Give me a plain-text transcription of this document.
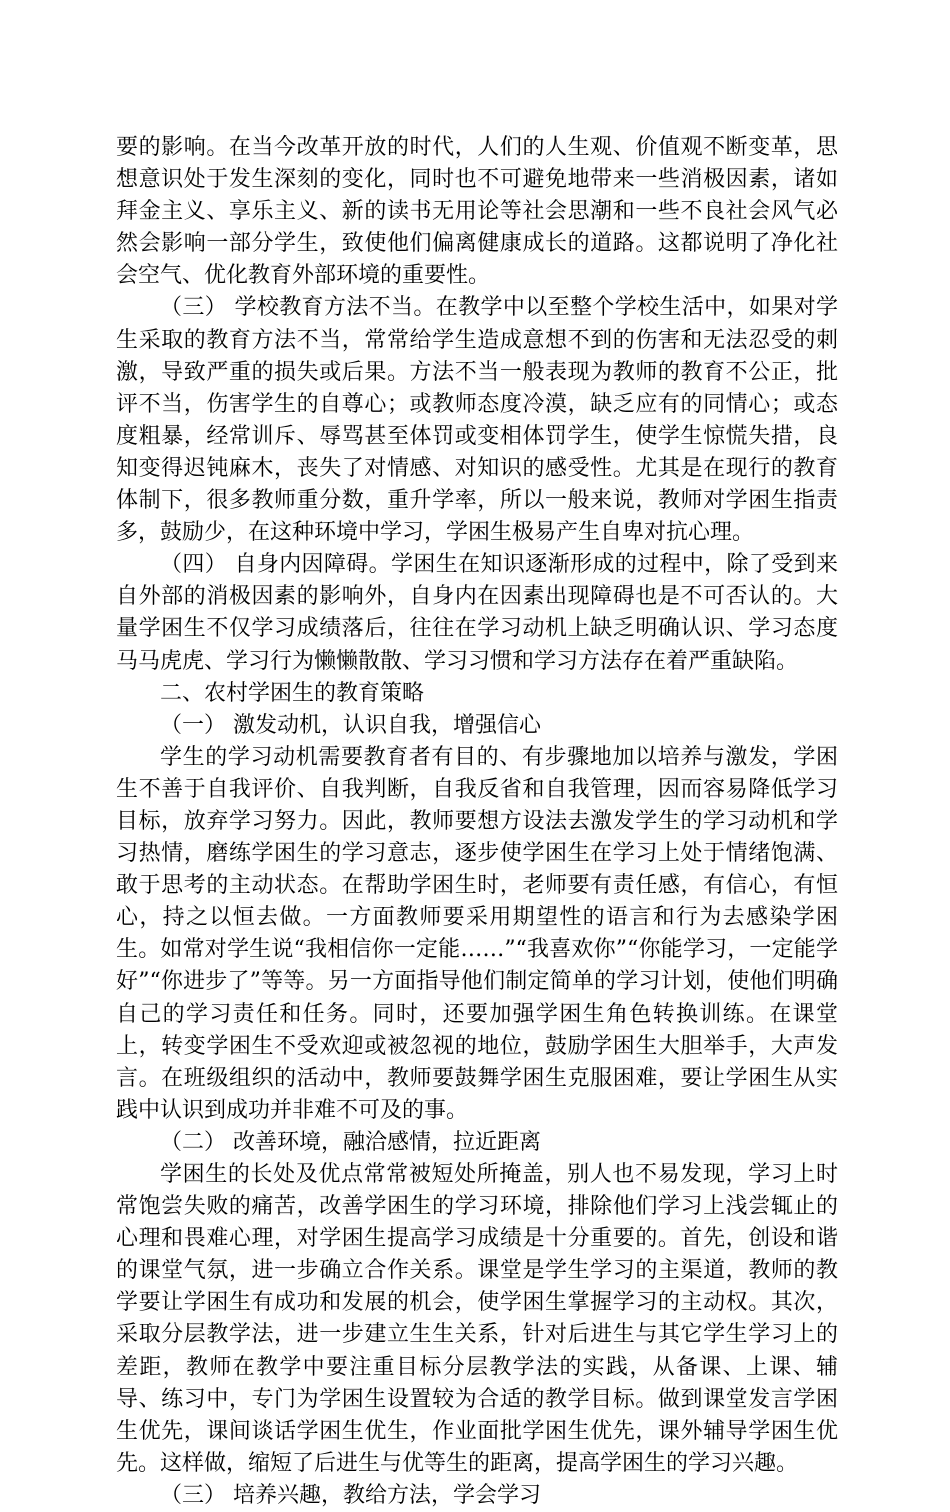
要的影响。在当今改革开放的时代，人们的人生观、价值观不断变革，思想意识处于发生深刻的变化，同时也不可避免地带来一些消极因素，诸如拜金主义、享乐主义、新的读书无用论等社会思潮和一些不良社会风气必然会影响一部分学生，致使他们偏离健康成长的道路。这都说明了净化社会空气、优化教育外部环境的重要性。

（三） 学校教育方法不当。在教学中以至整个学校生活中，如果对学生采取的教育方法不当，常常给学生造成意想不到的伤害和无法忍受的刺激，导致严重的损失或后果。方法不当一般表现为教师的教育不公正，批评不当，伤害学生的自尊心；或教师态度冷漠，缺乏应有的同情心；或态度粗暴，经常训斥、辱骂甚至体罚或变相体罚学生，使学生惊慌失措，良知变得迟钝麻木，丧失了对情感、对知识的感受性。尤其是在现行的教育体制下，很多教师重分数，重升学率，所以一般来说，教师对学困生指责多，鼓励少，在这种环境中学习，学困生极易产生自卑对抗心理。

（四） 自身内因障碍。学困生在知识逐渐形成的过程中，除了受到来自外部的消极因素的影响外，自身内在因素出现障碍也是不可否认的。大量学困生不仅学习成绩落后，往往在学习动机上缺乏明确认识、学习态度马马虎虎、学习行为懒懒散散、学习习惯和学习方法存在着严重缺陷。

二、农村学困生的教育策略

（一） 激发动机，认识自我，增强信心

学生的学习动机需要教育者有目的、有步骤地加以培养与激发，学困生不善于自我评价、自我判断，自我反省和自我管理，因而容易降低学习目标，放弃学习努力。因此，教师要想方设法去激发学生的学习动机和学习热情，磨练学困生的学习意志，逐步使学困生在学习上处于情绪饱满、敢于思考的主动状态。在帮助学困生时，老师要有责任感，有信心，有恒心，持之以恒去做。一方面教师要采用期望性的语言和行为去感染学困生。如常对学生说“我相信你一定能……”“我喜欢你”“你能学习，一定能学好”“你进步了”等等。另一方面指导他们制定简单的学习计划，使他们明确自己的学习责任和任务。同时，还要加强学困生角色转换训练。在课堂上，转变学困生不受欢迎或被忽视的地位，鼓励学困生大胆举手，大声发言。在班级组织的活动中，教师要鼓舞学困生克服困难，要让学困生从实践中认识到成功并非难不可及的事。

（二） 改善环境，融洽感情，拉近距离

学困生的长处及优点常常被短处所掩盖，别人也不易发现，学习上时常饱尝失败的痛苦，改善学困生的学习环境，排除他们学习上浅尝辄止的心理和畏难心理，对学困生提高学习成绩是十分重要的。首先，创设和谐的课堂气氛，进一步确立合作关系。课堂是学生学习的主渠道，教师的教学要让学困生有成功和发展的机会，使学困生掌握学习的主动权。其次，采取分层教学法，进一步建立生生关系，针对后进生与其它学生学习上的差距，教师在教学中要注重目标分层教学法的实践，从备课、上课、辅导、练习中，专门为学困生设置较为合适的教学目标。做到课堂发言学困生优先，课间谈话学困生优生，作业面批学困生优先，课外辅导学困生优先。这样做，缩短了后进生与优等生的距离，提高学困生的学习兴趣。

（三） 培养兴趣，教给方法，学会学习
